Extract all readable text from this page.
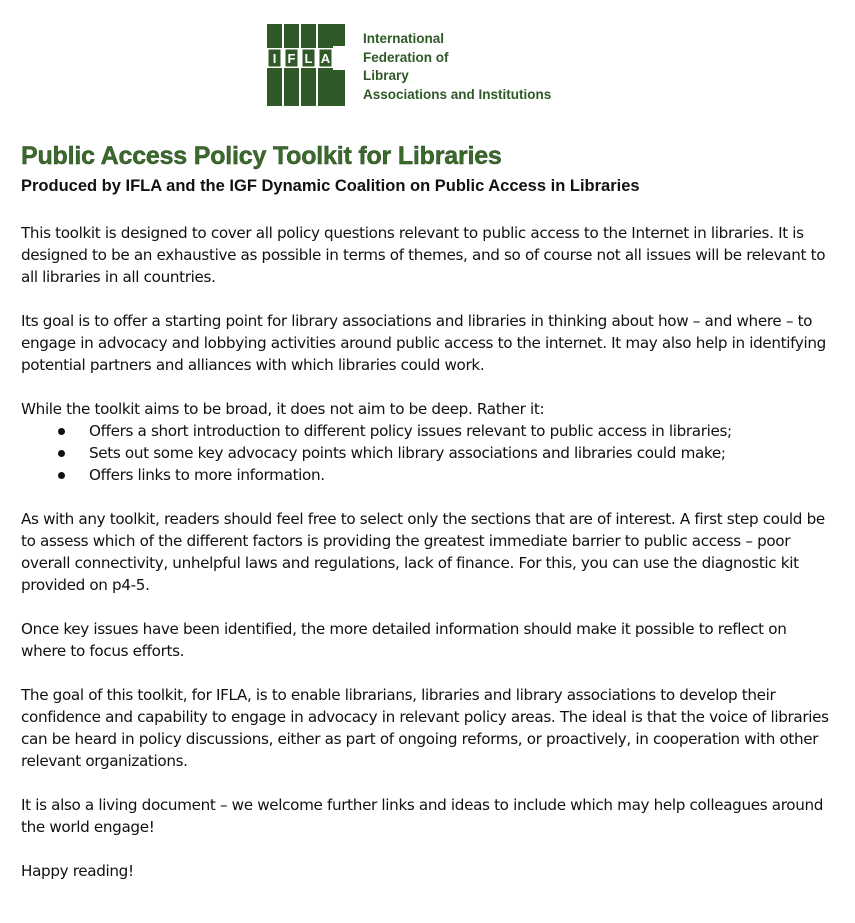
I F L A
International
Federation of
Library
Associations and Institutions
Public Access Policy Toolkit for Libraries
Produced by IFLA and the IGF Dynamic Coalition on Public Access in Libraries

This toolkit is designed to cover all policy questions relevant to public access to the Internet in libraries. It is designed to be an exhaustive as possible in terms of themes, and so of course not all issues will be relevant to all libraries in all countries.

Its goal is to offer a starting point for library associations and libraries in thinking about how – and where – to engage in advocacy and lobbying activities around public access to the internet. It may also help in identifying potential partners and alliances with which libraries could work.

While the toolkit aims to be broad, it does not aim to be deep. Rather it:

Offers a short introduction to different policy issues relevant to public access in libraries;
Sets out some key advocacy points which library associations and libraries could make;
Offers links to more information.

As with any toolkit, readers should feel free to select only the sections that are of interest. A first step could be to assess which of the different factors is providing the greatest immediate barrier to public access – poor overall connectivity, unhelpful laws and regulations, lack of finance. For this, you can use the diagnostic kit provided on p4-5.

Once key issues have been identified, the more detailed information should make it possible to reflect on where to focus efforts.

The goal of this toolkit, for IFLA, is to enable librarians, libraries and library associations to develop their confidence and capability to engage in advocacy in relevant policy areas. The ideal is that the voice of libraries can be heard in policy discussions, either as part of ongoing reforms, or proactively, in cooperation with other relevant organizations.

It is also a living document – we welcome further links and ideas to include which may help colleagues around the world engage!

Happy reading!
